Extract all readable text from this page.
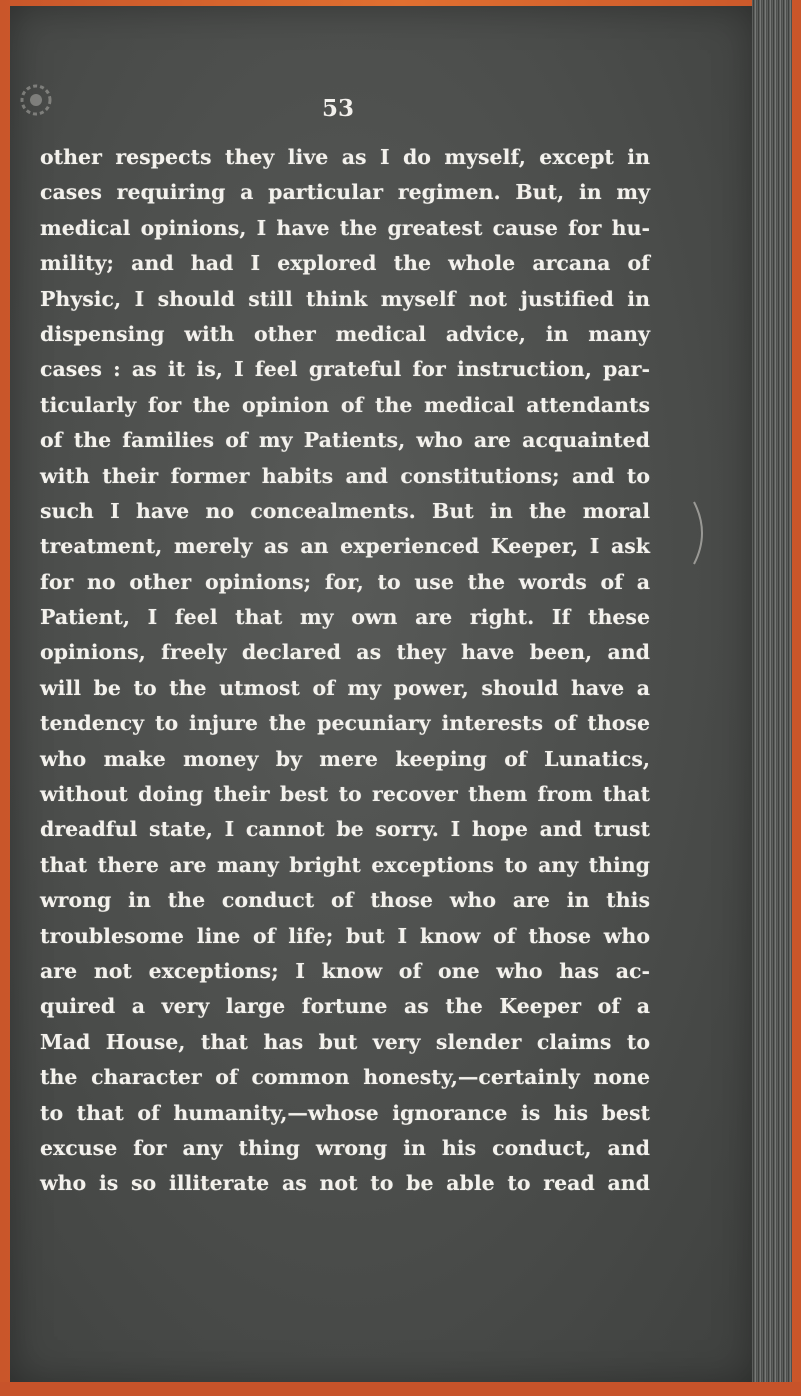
53
other respects they live as I do myself, except in
cases requiring a particular regimen. But, in my
medical opinions, I have the greatest cause for hu-
mility; and had I explored the whole arcana of
Physic, I should still think myself not justified in
dispensing with other medical advice, in many
cases : as it is, I feel grateful for instruction, par-
ticularly for the opinion of the medical attendants
of the families of my Patients, who are acquainted
with their former habits and constitutions; and to
such I have no concealments. But in the moral
treatment, merely as an experienced Keeper, I ask
for no other opinions; for, to use the words of a
Patient, I feel that my own are right. If these
opinions, freely declared as they have been, and
will be to the utmost of my power, should have a
tendency to injure the pecuniary interests of those
who make money by mere keeping of Lunatics,
without doing their best to recover them from that
dreadful state, I cannot be sorry. I hope and trust
that there are many bright exceptions to any thing
wrong in the conduct of those who are in this
troublesome line of life; but I know of those who
are not exceptions; I know of one who has ac-
quired a very large fortune as the Keeper of a
Mad House, that has but very slender claims to
the character of common honesty,—certainly none
to that of humanity,—whose ignorance is his best
excuse for any thing wrong in his conduct, and
who is so illiterate as not to be able to read and
